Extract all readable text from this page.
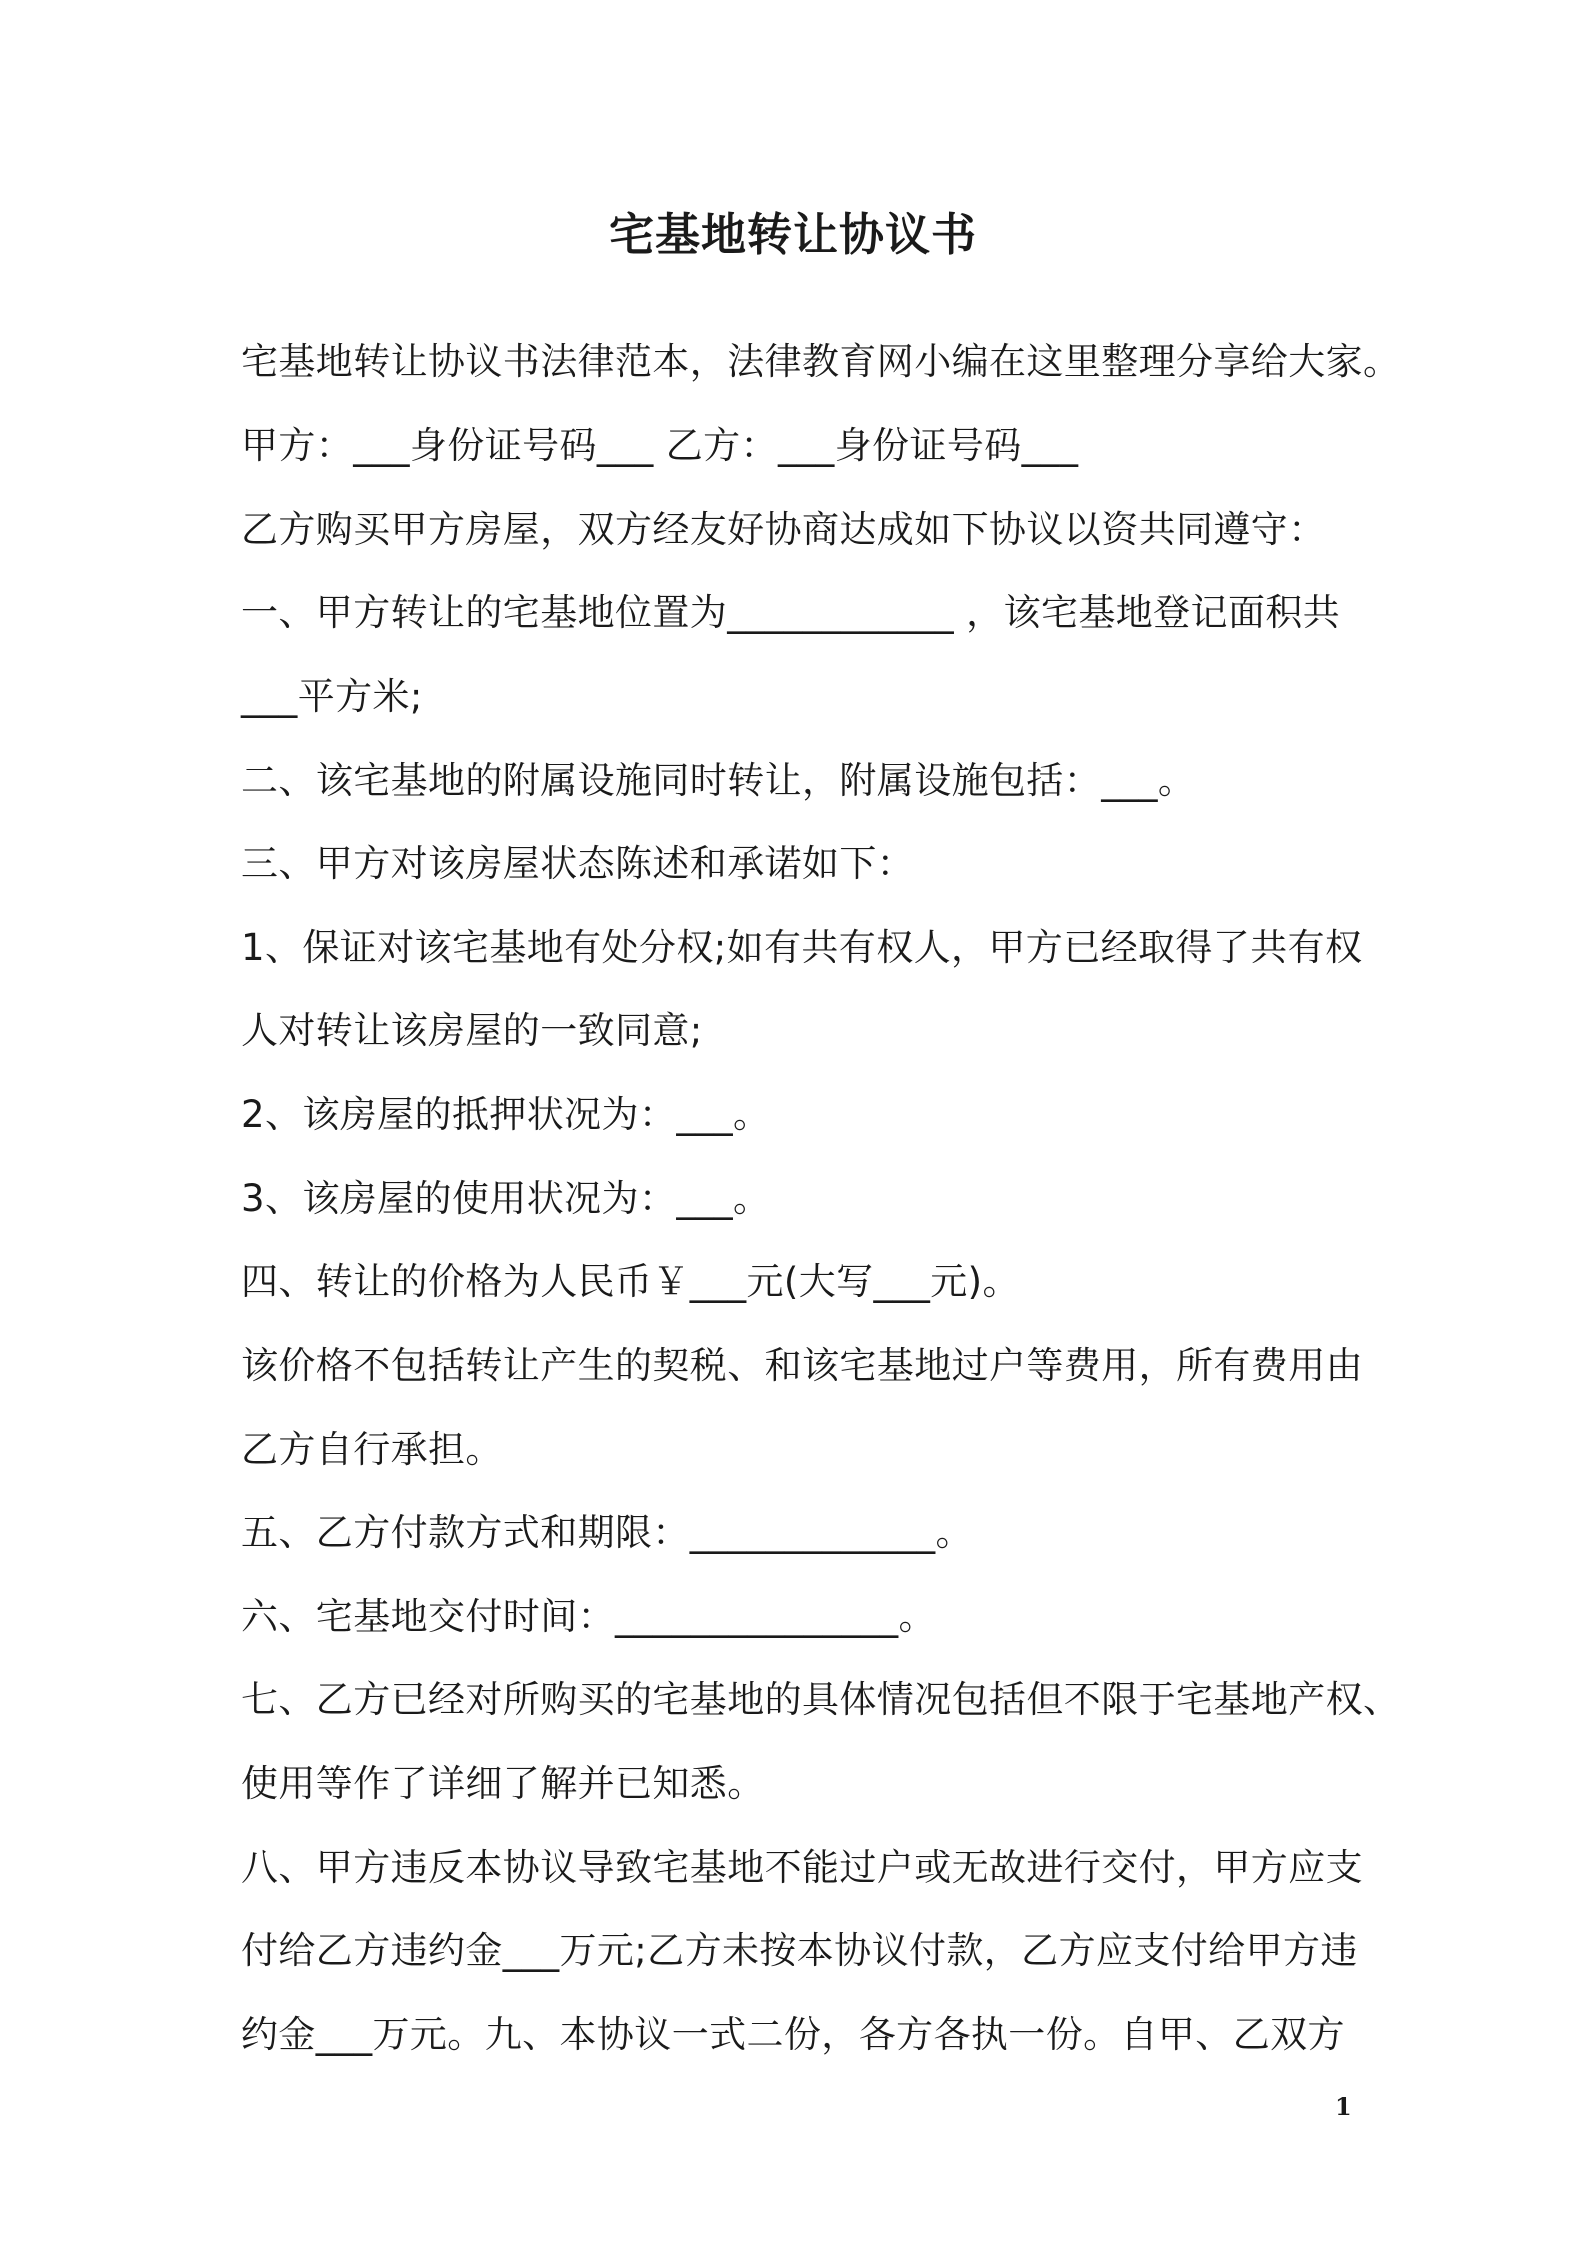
宅基地转让协议书
宅基地转让协议书法律范本，法律教育网小编在这里整理分享给大家。
甲方：___身份证号码___ 乙方：___身份证号码___
乙方购买甲方房屋，双方经友好协商达成如下协议以资共同遵守：
一、甲方转让的宅基地位置为____________ ，该宅基地登记面积共
___平方米;
二、该宅基地的附属设施同时转让，附属设施包括：___。
三、甲方对该房屋状态陈述和承诺如下：
1、保证对该宅基地有处分权;如有共有权人，甲方已经取得了共有权
人对转让该房屋的一致同意;
2、该房屋的抵押状况为：___。
3、该房屋的使用状况为：___。
四、转让的价格为人民币￥___元(大写___元)。
该价格不包括转让产生的契税、和该宅基地过户等费用，所有费用由
乙方自行承担。
五、乙方付款方式和期限：_____________。
六、宅基地交付时间：_______________。
七、乙方已经对所购买的宅基地的具体情况包括但不限于宅基地产权、
使用等作了详细了解并已知悉。
八、甲方违反本协议导致宅基地不能过户或无故进行交付，甲方应支
付给乙方违约金___万元;乙方未按本协议付款，乙方应支付给甲方违
约金___万元。九、本协议一式二份，各方各执一份。自甲、乙双方
1
